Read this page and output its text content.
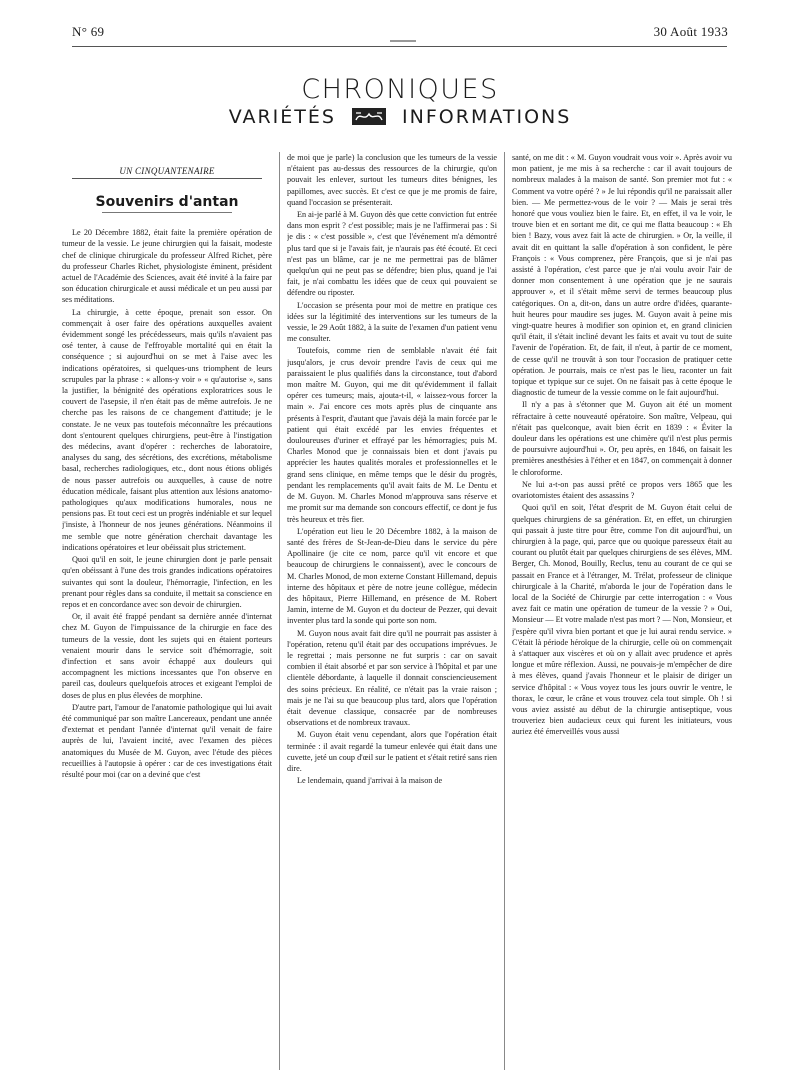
N° 69	30 Août 1933
CHRONIQUES
VARIÉTÉS	INFORMATIONS

UN CINQUANTENAIRE

Souvenirs d'antan

Le 20 Décembre 1882, était faite la première opération de tumeur de la vessie. Le jeune chirurgien qui la faisait, modeste chef de clinique chirurgicale du professeur Alfred Richet, père du professeur Charles Richet, physiologiste éminent, président actuel de l'Académie des Sciences, avait été invité à la faire par son éducation chirurgicale et aussi médicale et un peu aussi par ses méditations.

La chirurgie, à cette époque, prenait son essor. On commençait à oser faire des opérations auxquelles avaient évidemment songé les précédesseurs, mais qu'ils n'avaient pas osé tenter, à cause de l'effroyable mortalité qui en était la conséquence ; si aujourd'hui on se met à l'aise avec les indications opératoires, si quelques-uns triomphent de leurs scrupules par la phrase : « allons-y voir » « qu'autorise », sans la justifier, la bénignité des opérations exploratrices sous le couvert de l'asepsie, il n'en était pas de même autrefois. Je ne cherche pas les raisons de ce changement d'attitude; je le constate. Je ne veux pas toutefois méconnaître les précautions dont s'entourent quelques chirurgiens, peut-être à l'instigation des médecins, avant d'opérer : recherches de laboratoire, analyses du sang, des sécrétions, des excrétions, métabolisme basal, recherches radiologiques, etc., dont nous étions obligés de nous passer autrefois ou auxquelles, à cause de notre éducation médicale, faisant plus attention aux lésions anatomo-pathologiques qu'aux modifications humorales, nous ne pensions pas. Et tout ceci est un progrès indéniable et sur lequel j'insiste, à l'honneur de nos jeunes générations. Néanmoins il me semble que notre génération cherchait davantage les indications opératoires et leur obéissait plus strictement.

Quoi qu'il en soit, le jeune chirurgien dont je parle pensait qu'en obéissant à l'une des trois grandes indications opératoires suivantes qui sont la douleur, l'hémorragie, l'infection, en les prenant pour règles dans sa conduite, il mettait sa conscience en repos et en concordance avec son devoir de chirurgien.

Or, il avait été frappé pendant sa dernière année d'internat chez M. Guyon de l'impuissance de la chirurgie en face des tumeurs de la vessie, dont les sujets qui en étaient porteurs venaient mourir dans le service soit d'hémorragie, soit d'infection et sans avoir échappé aux douleurs qui accompagnent les mictions incessantes que l'on observe en pareil cas, douleurs quelquefois atroces et exigeant l'emploi de doses de plus en plus élevées de morphine.

D'autre part, l'amour de l'anatomie pathologique qui lui avait été communiqué par son maître Lancereaux, pendant une année d'externat et pendant l'année d'internat qu'il venait de faire auprès de lui, l'avaient incité, avec l'examen des pièces anatomiques du Musée de M. Guyon, avec l'étude des pièces recueillies à l'autopsie à opérer : car de ces investigations était résulté pour moi (car on a deviné que c'est

de moi que je parle) la conclusion que les tumeurs de la vessie n'étaient pas au-dessus des ressources de la chirurgie, qu'on pouvait les enlever, surtout les tumeurs dites bénignes, les papillomes, avec succès. Et c'est ce que je me promis de faire, quand l'occasion se présenterait.

En ai-je parlé à M. Guyon dès que cette conviction fut entrée dans mon esprit ? c'est possible; mais je ne l'affirmerai pas : Si je dis : « c'est possible », c'est que l'événement m'a démontré plus tard que si je l'avais fait, je n'aurais pas été écouté. Et ceci n'est pas un blâme, car je ne me permettrai pas de blâmer quelqu'un qui ne peut pas se défendre; bien plus, quand je l'ai fait, je n'ai combattu les idées que de ceux qui pouvaient se défendre ou riposter.

L'occasion se présenta pour moi de mettre en pratique ces idées sur la légitimité des interventions sur les tumeurs de la vessie, le 29 Août 1882, à la suite de l'examen d'un patient venu me consulter.

Toutefois, comme rien de semblable n'avait été fait jusqu'alors, je crus devoir prendre l'avis de ceux qui me paraissaient le plus qualifiés dans la circonstance, tout d'abord mon maître M. Guyon, qui me dit qu'évidemment il fallait opérer ces tumeurs; mais, ajouta-t-il, « laissez-vous forcer la main ». J'ai encore ces mots après plus de cinquante ans présents à l'esprit, d'autant que j'avais déjà la main forcée par le patient qui était excédé par les envies fréquentes et douloureuses d'uriner et effrayé par les hémorragies; puis M. Charles Monod que je connaissais bien et dont j'avais pu apprécier les hautes qualités morales et professionnelles et le grand sens clinique, en même temps que le désir du progrès, pendant les remplacements qu'il avait faits de M. Le Dentu et de M. Guyon. M. Charles Monod m'approuva sans réserve et me promit sur ma demande son concours effectif, ce dont je fus très heureux et très fier.

L'opération eut lieu le 20 Décembre 1882, à la maison de santé des frères de St-Jean-de-Dieu dans le service du père Apollinaire (je cite ce nom, parce qu'il vit encore et que beaucoup de chirurgiens le connaissent), avec le concours de M. Charles Monod, de mon externe Constant Hillemand, depuis interne des hôpitaux et père de notre jeune collègue, médecin des hôpitaux, Pierre Hillemand, en présence de M. Robert Jamin, interne de M. Guyon et du docteur de Pezzer, qui devait inventer plus tard la sonde qui porte son nom.

M. Guyon nous avait fait dire qu'il ne pourrait pas assister à l'opération, retenu qu'il était par des occupations imprévues. Je le regrettai ; mais personne ne fut surpris : car on savait combien il était absorbé et par son service à l'hôpital et par une clientèle débordante, à laquelle il donnait consciencieusement des soins précieux. En réalité, ce n'était pas la vraie raison ; mais je ne l'ai su que beaucoup plus tard, alors que l'opération était devenue classique, consacrée par de nombreuses observations et de nombreux travaux.

M. Guyon était venu cependant, alors que l'opération était terminée : il avait regardé la tumeur enlevée qui était dans une cuvette, jeté un coup d'œil sur le patient et s'était retiré sans rien dire.

Le lendemain, quand j'arrivai à la maison de

santé, on me dit : « M. Guyon voudrait vous voir ». Après avoir vu mon patient, je me mis à sa recherche : car il avait toujours de nombreux malades à la maison de santé. Son premier mot fut : « Comment va votre opéré ? » Je lui répondis qu'il ne paraissait aller bien. — Me permettez-vous de le voir ? — Mais je serai très honoré que vous vouliez bien le faire. Et, en effet, il va le voir, le trouve bien et en sortant me dit, ce qui me flatta beaucoup : « Eh bien ! Bazy, vous avez fait là acte de chirurgien. » Or, la veille, il avait dit en quittant la salle d'opération à son confident, le père François : « Vous comprenez, père François, que si je n'ai pas assisté à l'opération, c'est parce que je n'ai voulu avoir l'air de donner mon consentement à une opération que je ne saurais approuver », et il s'était même servi de termes beaucoup plus catégoriques. On a, dit-on, dans un autre ordre d'idées, quarante-huit heures pour maudire ses juges. M. Guyon avait à peine mis vingt-quatre heures à modifier son opinion et, en grand clinicien qu'il était, il s'était incliné devant les faits et avait vu tout de suite l'avenir de l'opération. Et, de fait, il n'eut, à partir de ce moment, de cesse qu'il ne trouvât à son tour l'occasion de pratiquer cette opération. Je pourrais, mais ce n'est pas le lieu, raconter un fait topique et typique sur ce sujet. On ne faisait pas à cette époque le diagnostic de tumeur de la vessie comme on le fait aujourd'hui.

Il n'y a pas à s'étonner que M. Guyon ait été un moment réfractaire à cette nouveauté opératoire. Son maître, Velpeau, qui n'était pas quelconque, avait bien écrit en 1839 : « Éviter la douleur dans les opérations est une chimère qu'il n'est plus permis de poursuivre aujourd'hui ». Or, peu après, en 1846, on faisait les premières anesthésies à l'éther et en 1847, on commençait à donner le chloroforme.

Ne lui a-t-on pas aussi prêté ce propos vers 1865 que les ovariotomistes étaient des assassins ?

Quoi qu'il en soit, l'état d'esprit de M. Guyon était celui de quelques chirurgiens de sa génération. Et, en effet, un chirurgien qui passait à juste titre pour être, comme l'on dit aujourd'hui, un chirurgien à la page, qui, parce que ou quoique paresseux était au courant ou plutôt était par quelques chirurgiens de ses élèves, MM. Berger, Ch. Monod, Bouilly, Reclus, tenu au courant de ce qui se passait en France et à l'étranger, M. Trélat, professeur de clinique chirurgicale à la Charité, m'aborda le jour de l'opération dans le local de la Société de Chirurgie par cette interrogation : « Vous avez fait ce matin une opération de tumeur de la vessie ? » Oui, Monsieur — Et votre malade n'est pas mort ? — Non, Monsieur, et j'espère qu'il vivra bien portant et que je lui aurai rendu service. » C'était là période héroïque de la chirurgie, celle où on commençait à s'attaquer aux viscères et où on y allait avec prudence et après longue et mûre réflexion. Aussi, ne pouvais-je m'empêcher de dire à mes élèves, quand j'avais l'honneur et le plaisir de diriger un service d'hôpital : « Vous voyez tous les jours ouvrir le ventre, le thorax, le cœur, le crâne et vous trouvez cela tout simple. Oh ! si vous aviez assisté au début de la chirurgie antiseptique, vous trouveriez bien audacieux ceux qui furent les initiateurs, vous auriez été émerveillés vous aussi
